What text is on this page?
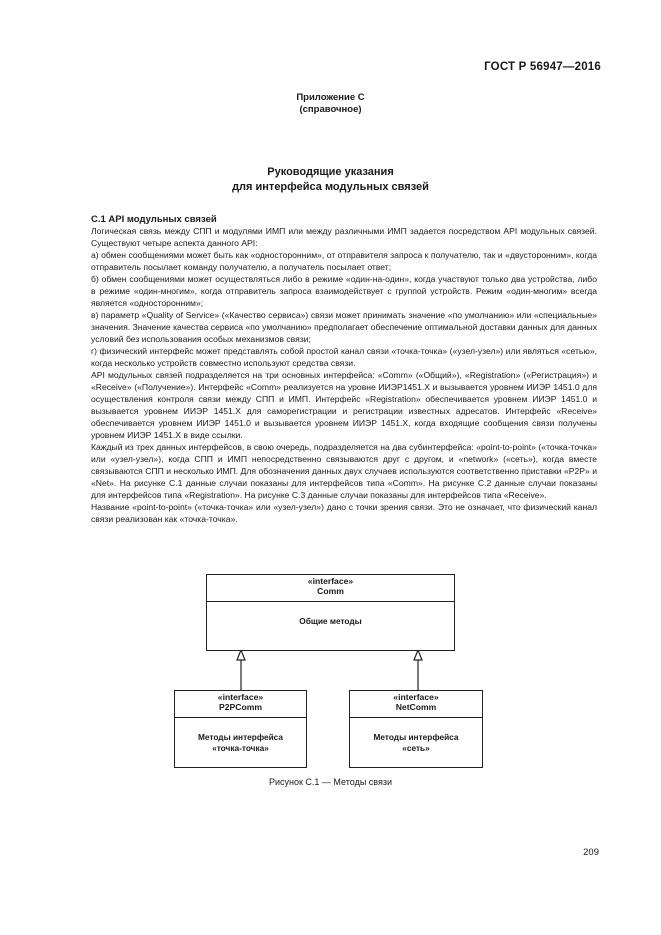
ГОСТ Р 56947—2016
Приложение С
(справочное)
Руководящие указания
для интерфейса модульных связей
С.1 API модульных связей

Логическая связь между СПП и модулями ИМП или между различными ИМП задается посредством API модульных связей. Существуют четыре аспекта данного API:

а) обмен сообщениями может быть как «односторонним», от отправителя запроса к получателю, так и «двусторонним», когда отправитель посылает команду получателю, а получатель посылает ответ;

б) обмен сообщениями может осуществляться либо в режиме «один-на-один», когда участвуют только два устройства, либо в режиме «один-многим», когда отправитель запроса взаимодействует с группой устройств. Режим «один-многим» всегда является «односторонним»;

в) параметр «Quality of Service» («Качество сервиса») связи может принимать значение «по умолчанию» или «специальные» значения. Значение качества сервиса «по умолчанию» предполагает обеспечение оптимальной доставки данных для данных условий без использования особых механизмов связи;

г) физический интерфейс может представлять собой простой канал связи «точка-точка» («узел-узел») или являться «сетью», когда несколько устройств совместно используют средства связи.

API модульных связей подразделяется на три основных интерфейса: «Comm» («Общий»), «Registration» («Регистрация») и «Receive» («Получение»). Интерфейс «Comm» реализуется на уровне ИИЭР1451.X и вызывается уровнем ИИЭР 1451.0 для осуществления контроля связи между СПП и ИМП. Интерфейс «Registration» обеспечивается уровнем ИИЭР 1451.0 и вызывается уровнем ИИЭР 1451.X для саморегистрации и регистрации известных адресатов. Интерфейс «Receive» обеспечивается уровнем ИИЭР 1451.0 и вызывается уровнем ИИЭР 1451.X, когда входящие сообщения связи получены уровнем ИИЭР 1451.X в виде ссылки.

Каждый из трех данных интерфейсов, в свою очередь, подразделяется на два субинтерфейса: «point-to-point» («точка-точка» или «узел-узел»), когда СПП и ИМП непосредственно связываются друг с другом, и «network» («сеть»), когда вместе связываются СПП и несколько ИМП. Для обозначения данных двух случаев используются соответственно приставки «P2P» и «Net». На рисунке С.1 данные случаи показаны для интерфейсов типа «Comm». На рисунке С.2 данные случаи показаны для интерфейсов типа «Registration». На рисунке С.3 данные случаи показаны для интерфейсов типа «Receive».

Название «point-to-point» («точка-точка» или «узел-узел») дано с точки зрения связи. Это не означает, что физический канал связи реализован как «точка-точка».

«interface»
Comm
Общие методы
«interface»
P2PComm
Методы интерфейса
«точка-точка»
«interface»
NetComm
Методы интерфейса
«сеть»
Рисунок С.1 — Методы связи
209
